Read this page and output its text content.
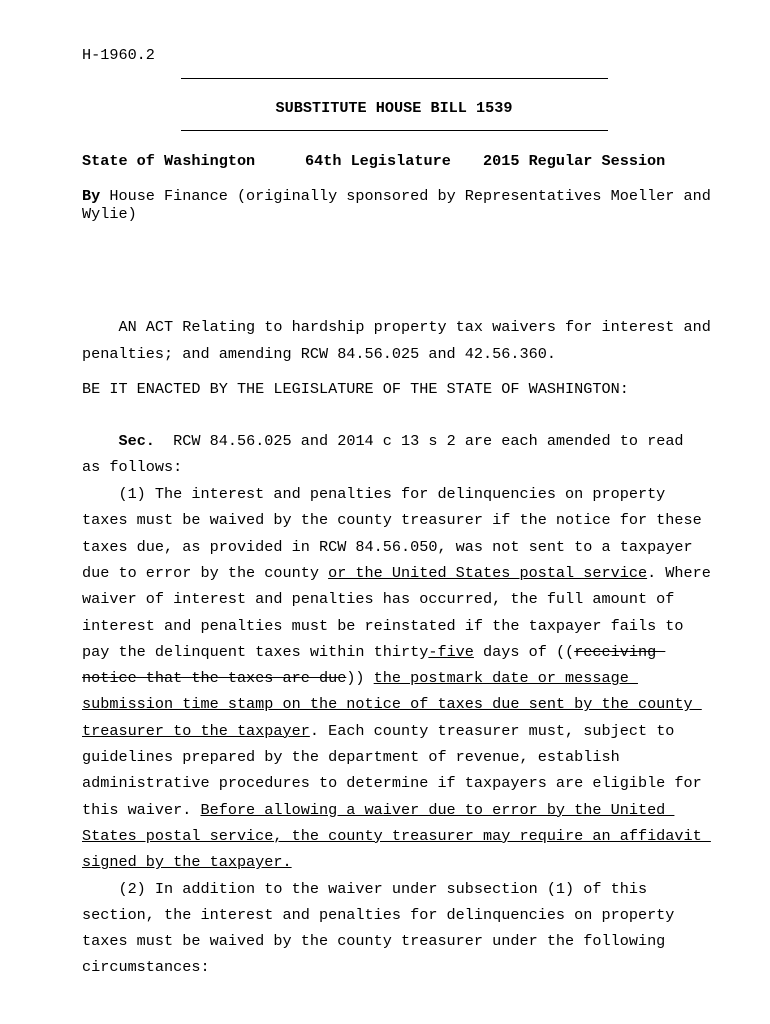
H-1960.2
SUBSTITUTE HOUSE BILL 1539
State of Washington	64th Legislature 2015 Regular Session
By House Finance (originally sponsored by Representatives Moeller and
Wylie)
AN ACT Relating to hardship property tax waivers for interest and
penalties; and amending RCW 84.56.025 and 42.56.360.
BE IT ENACTED BY THE LEGISLATURE OF THE STATE OF WASHINGTON:
Sec.  RCW 84.56.025 and 2014 c 13 s 2 are each amended to read
as follows:
(1) The interest and penalties for delinquencies on property
taxes must be waived by the county treasurer if the notice for these
taxes due, as provided in RCW 84.56.050, was not sent to a taxpayer
due to error by the county or the United States postal service. Where
waiver of interest and penalties has occurred, the full amount of
interest and penalties must be reinstated if the taxpayer fails to
pay the delinquent taxes within thirty-five days of ((receiving
notice that the taxes are due)) the postmark date or message
submission time stamp on the notice of taxes due sent by the county
treasurer to the taxpayer. Each county treasurer must, subject to
guidelines prepared by the department of revenue, establish
administrative procedures to determine if taxpayers are eligible for
this waiver. Before allowing a waiver due to error by the United
States postal service, the county treasurer may require an affidavit
signed by the taxpayer.
(2) In addition to the waiver under subsection (1) of this
section, the interest and penalties for delinquencies on property
taxes must be waived by the county treasurer under the following
circumstances:
